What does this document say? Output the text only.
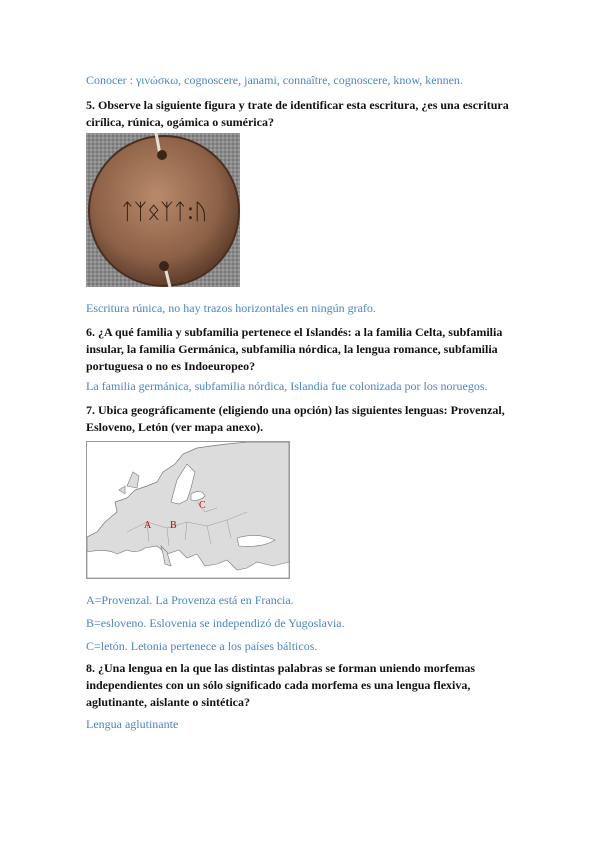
Conocer : γινώσκω, cognoscere, janami, connaître, cognoscere, know, kennen.
5. Observe la siguiente figura y trate de identificar esta escritura, ¿es una escritura cirílica, rúnica, ogámica o sumérica?
ᛏᛉᛟᛉᛏ:ᚢ
Escritura rúnica, no hay trazos horizontales en ningún grafo.
6. ¿A qué familia y subfamilia pertenece el Islandés: a la familia Celta, subfamilia insular, la familia Germánica, subfamilia nórdica, la lengua romance, subfamilia portuguesa o no es Indoeuropeo?
La familia germánica, subfamilia nórdica, Islandia fue colonizada por los noruegos.
7. Ubica geográficamente (eligiendo una opción) las siguientes lenguas: Provenzal, Esloveno, Letón (ver mapa anexo).
A B
C
A=Provenzal. La Provenza está en Francia.
B=esloveno. Eslovenia se independizó de Yugoslavia.
C=letón. Letonia pertenece a los países bálticos.
8. ¿Una lengua en la que las distintas palabras se forman uniendo morfemas independientes con un sólo significado cada morfema es una lengua flexiva, aglutinante, aislante o sintética?
Lengua aglutinante
